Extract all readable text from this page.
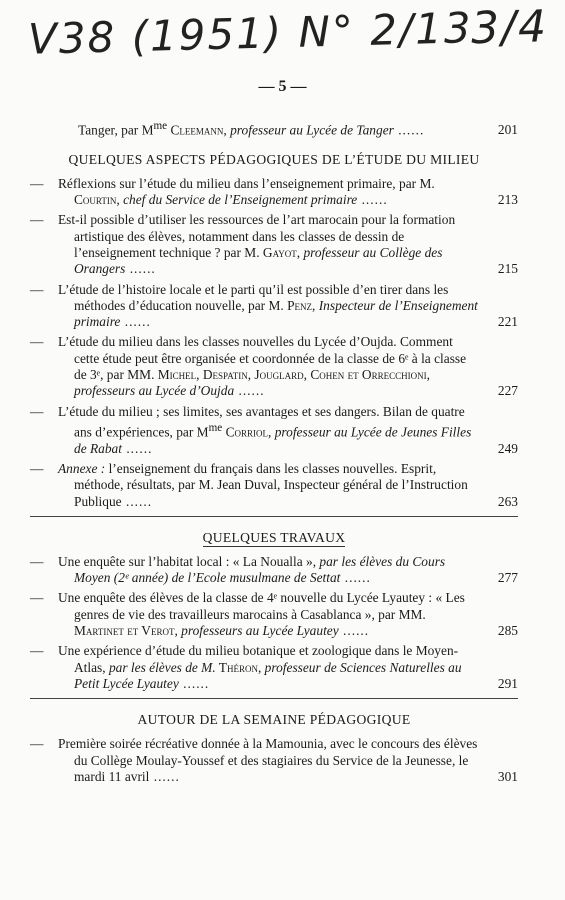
V38 (1951) N° 2/13
3/4
— 5 —
Tanger, par $M^{me}$ Cleemann, professeur au Lycée de Tanger ......	201
QUELQUES ASPECTS PÉDAGOGIQUES DE L’ÉTUDE DU MILIEU
—	Réflexions sur l’étude du milieu dans l’enseignement primaire, par M. Courtin, chef du Service de l’Enseignement primaire ......	213
—	Est-il possible d’utiliser les ressources de l’art marocain pour la formation artistique des élèves, notamment dans les classes de dessin de l’enseignement technique ? par M. Gayot, professeur au Collège des Orangers ......	215
—	L’étude de l’histoire locale et le parti qu’il est possible d’en tirer dans les méthodes d’éducation nouvelle, par M. Penz, Inspecteur de l’Enseignement primaire ......	221
—	L’étude du milieu dans les classes nouvelles du Lycée d’Oujda. Comment cette étude peut être organisée et coordonnée de la classe de 6ᵉ à la classe de 3ᵉ, par MM. Michel, Despatin, Jouglard, Cohen et Orrecchioni, professeurs au Lycée d’Oujda ......	227
—	L’étude du milieu ; ses limites, ses avantages et ses dangers. Bilan de quatre ans d’expériences, par $M^{me}$ Corriol, professeur au Lycée de Jeunes Filles de Rabat ......	249
—	Annexe : l’enseignement du français dans les classes nouvelles. Esprit, méthode, résultats, par M. Jean Duval, Inspecteur général de l’Instruction Publique ......	263
QUELQUES TRAVAUX
—	Une enquête sur l’habitat local : « La Noualla », par les élèves du Cours Moyen (2ᵉ année) de l’Ecole musulmane de Settat ......	277
—	Une enquête des élèves de la classe de 4ᵉ nouvelle du Lycée Lyautey : « Les genres de vie des travailleurs marocains à Casablanca », par MM. Martinet et Verot, professeurs au Lycée Lyautey ......	285
—	Une expérience d’étude du milieu botanique et zoologique dans le Moyen-Atlas, par les élèves de M. Théron, professeur de Sciences Naturelles au Petit Lycée Lyautey ......	291
AUTOUR DE LA SEMAINE PÉDAGOGIQUE
—	Première soirée récréative donnée à la Mamounia, avec le concours des élèves du Collège Moulay-Youssef et des stagiaires du Service de la Jeunesse, le mardi 11 avril ......	301
